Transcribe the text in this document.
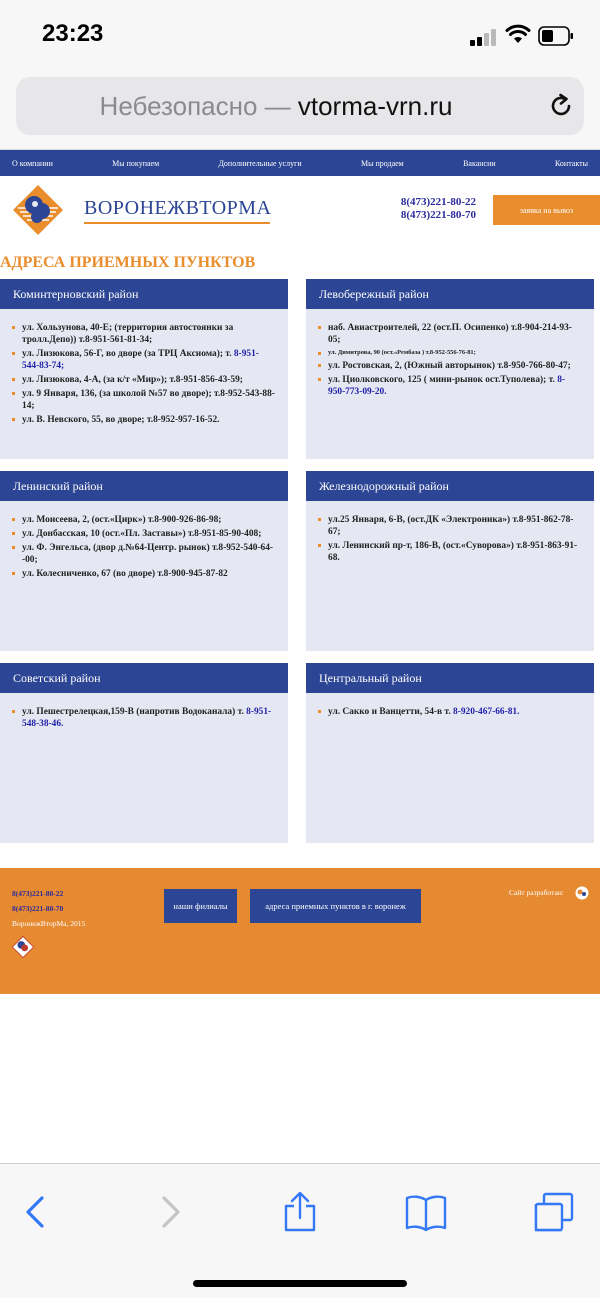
23:23
Небезопасно — vtorma-vrn.ru
О компании	Мы покупаем	Дополнительные услуги	Мы продаем	Вакансии	Контакты
ВОРОНЕЖВТОРМА	8(473)221-80-22
8(473)221-80-70	заявка на вывоз
АДРЕСА ПРИЕМНЫХ ПУНКТОВ
Коминтерновский район
ул. Хользунова, 40-Е; (территория автостоянки за тролл.Депо)) т.8-951-561-81-34;
ул. Лизюкова, 56-Г, во дворе (за ТРЦ Аксиома); т. 8-951-544-83-74;
ул. Лизюкова, 4-А, (за к/т «Мир»); т.8-951-856-43-59;
ул. 9 Января, 136, (за школой №57 во дворе); т.8-952-543-88-14;
ул. В. Невского, 55, во дворе; т.8-952-957-16-52.
Левобережный район
наб. Авиастроителей, 22 (ост.П. Осипенко) т.8-904-214-93-05;
ул. Димитрова, 90 (ост.«Рембаза ) т.8-952-556-76-81;
ул. Ростовская, 2, (Южный авторынок) т.8-950-766-80-47;
ул. Циолковского, 125 ( мини-рынок ост.Туполева); т. 8-950-773-09-20.
Ленинский район
ул. Моисеева, 2, (ост.«Цирк») т.8-900-926-86-98;
ул. Донбасская, 10 (ост.«Пл. Заставы») т.8-951-85-90-408;
ул. Ф. Энгельса, (двор д.№64-Центр. рынок) т.8-952-540-64--00;
ул. Колесниченко, 67 (во дворе) т.8-900-945-87-82
Железнодорожный район
ул.25 Января, 6-В, (ост.ДК «Электроника») т.8-951-862-78-67;
ул. Ленинский пр-т, 186-В, (ост.«Суворова») т.8-951-863-91-68.
Советский район
ул. Пешестрелецкая,159-В (напротив Водоканала) т. 8-951-548-38-46.
Центральный район
ул. Сакко и Ванцетти, 54-в т. 8-920-467-66-81.
8(473)221-80-22
8(473)221-80-70
ВоронежВторМа, 2015
наши филиалы	адреса приемных пунктов в г. воронеж
Сайт разработан:
